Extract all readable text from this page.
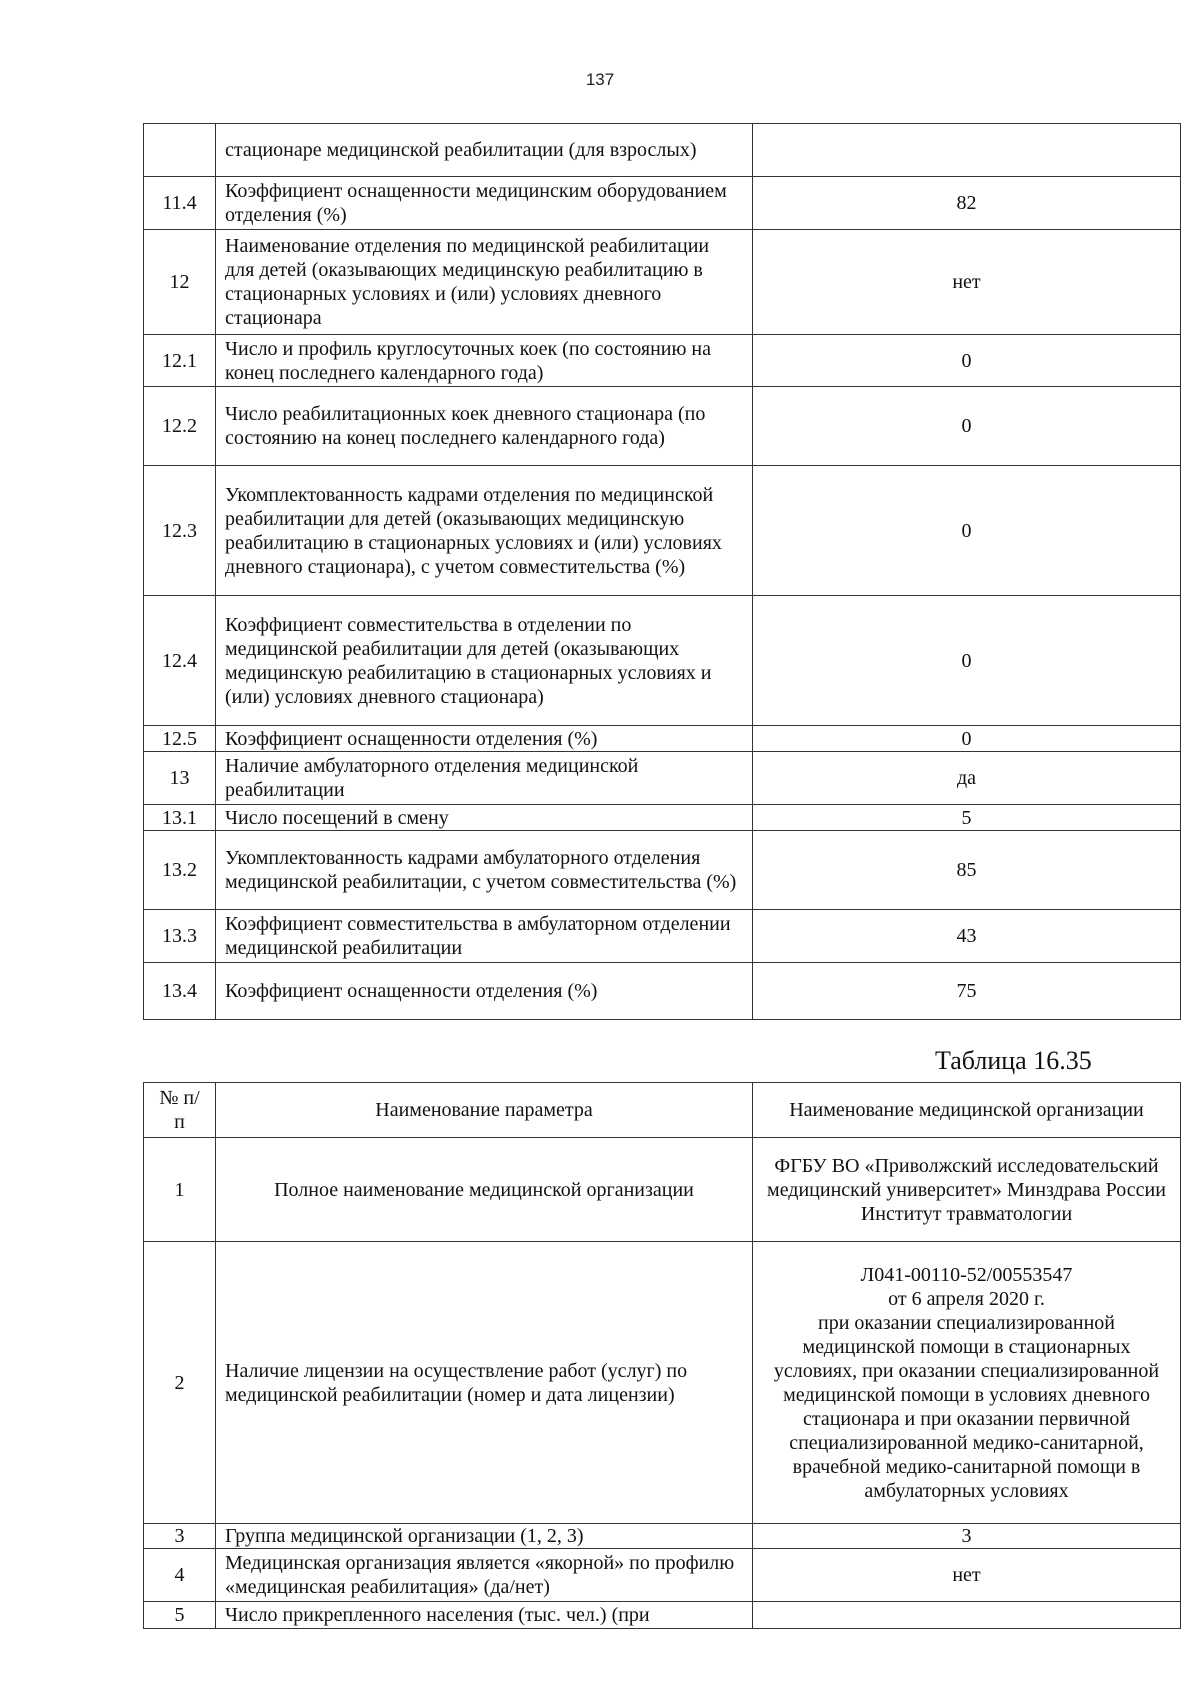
137
	стационаре медицинской реабилитации (для взрослых)	
11.4	Коэффициент оснащенности медицинским оборудованием отделения (%)	82
12	Наименование отделения по медицинской реабилитации для детей (оказывающих медицинскую реабилитацию в стационарных условиях и (или) условиях дневного стационара	нет
12.1	Число и профиль круглосуточных коек (по состоянию на конец последнего календарного года)	0
12.2	Число реабилитационных коек дневного стационара (по состоянию на конец последнего календарного года)	0
12.3	Укомплектованность кадрами отделения по медицинской реабилитации для детей (оказывающих медицинскую реабилитацию в стационарных условиях и (или) условиях дневного стационара), с учетом совместительства (%)	0
12.4	Коэффициент совместительства в отделении по медицинской реабилитации для детей (оказывающих медицинскую реабилитацию в стационарных условиях и (или) условиях дневного стационара)	0
12.5	Коэффициент оснащенности отделения (%)	0
13	Наличие амбулаторного отделения медицинской реабилитации	да
13.1	Число посещений в смену	5
13.2	Укомплектованность кадрами амбулаторного отделения медицинской реабилитации, с учетом совместительства (%)	85
13.3	Коэффициент совместительства в амбулаторном отделении медицинской реабилитации	43
13.4	Коэффициент оснащенности отделения (%)	75
Таблица 16.35
№ п/п	Наименование параметра	Наименование медицинской организации
1	Полное наименование медицинской организации	ФГБУ ВО «Приволжский исследовательский медицинский университет» Минздрава России Институт травматологии
2	Наличие лицензии на осуществление работ (услуг) по медицинской реабилитации (номер и дата лицензии)	Л041-00110-52/00553547
от 6 апреля 2020 г.
при оказании специализированной медицинской помощи в стационарных условиях, при оказании специализированной медицинской помощи в условиях дневного стационара и при оказании первичной специализированной медико-санитарной, врачебной медико-санитарной помощи в амбулаторных условиях
3	Группа медицинской организации (1, 2, 3)	3
4	Медицинская организация является «якорной» по профилю «медицинская реабилитация» (да/нет)	нет
5	Число прикрепленного населения (тыс. чел.) (при	
